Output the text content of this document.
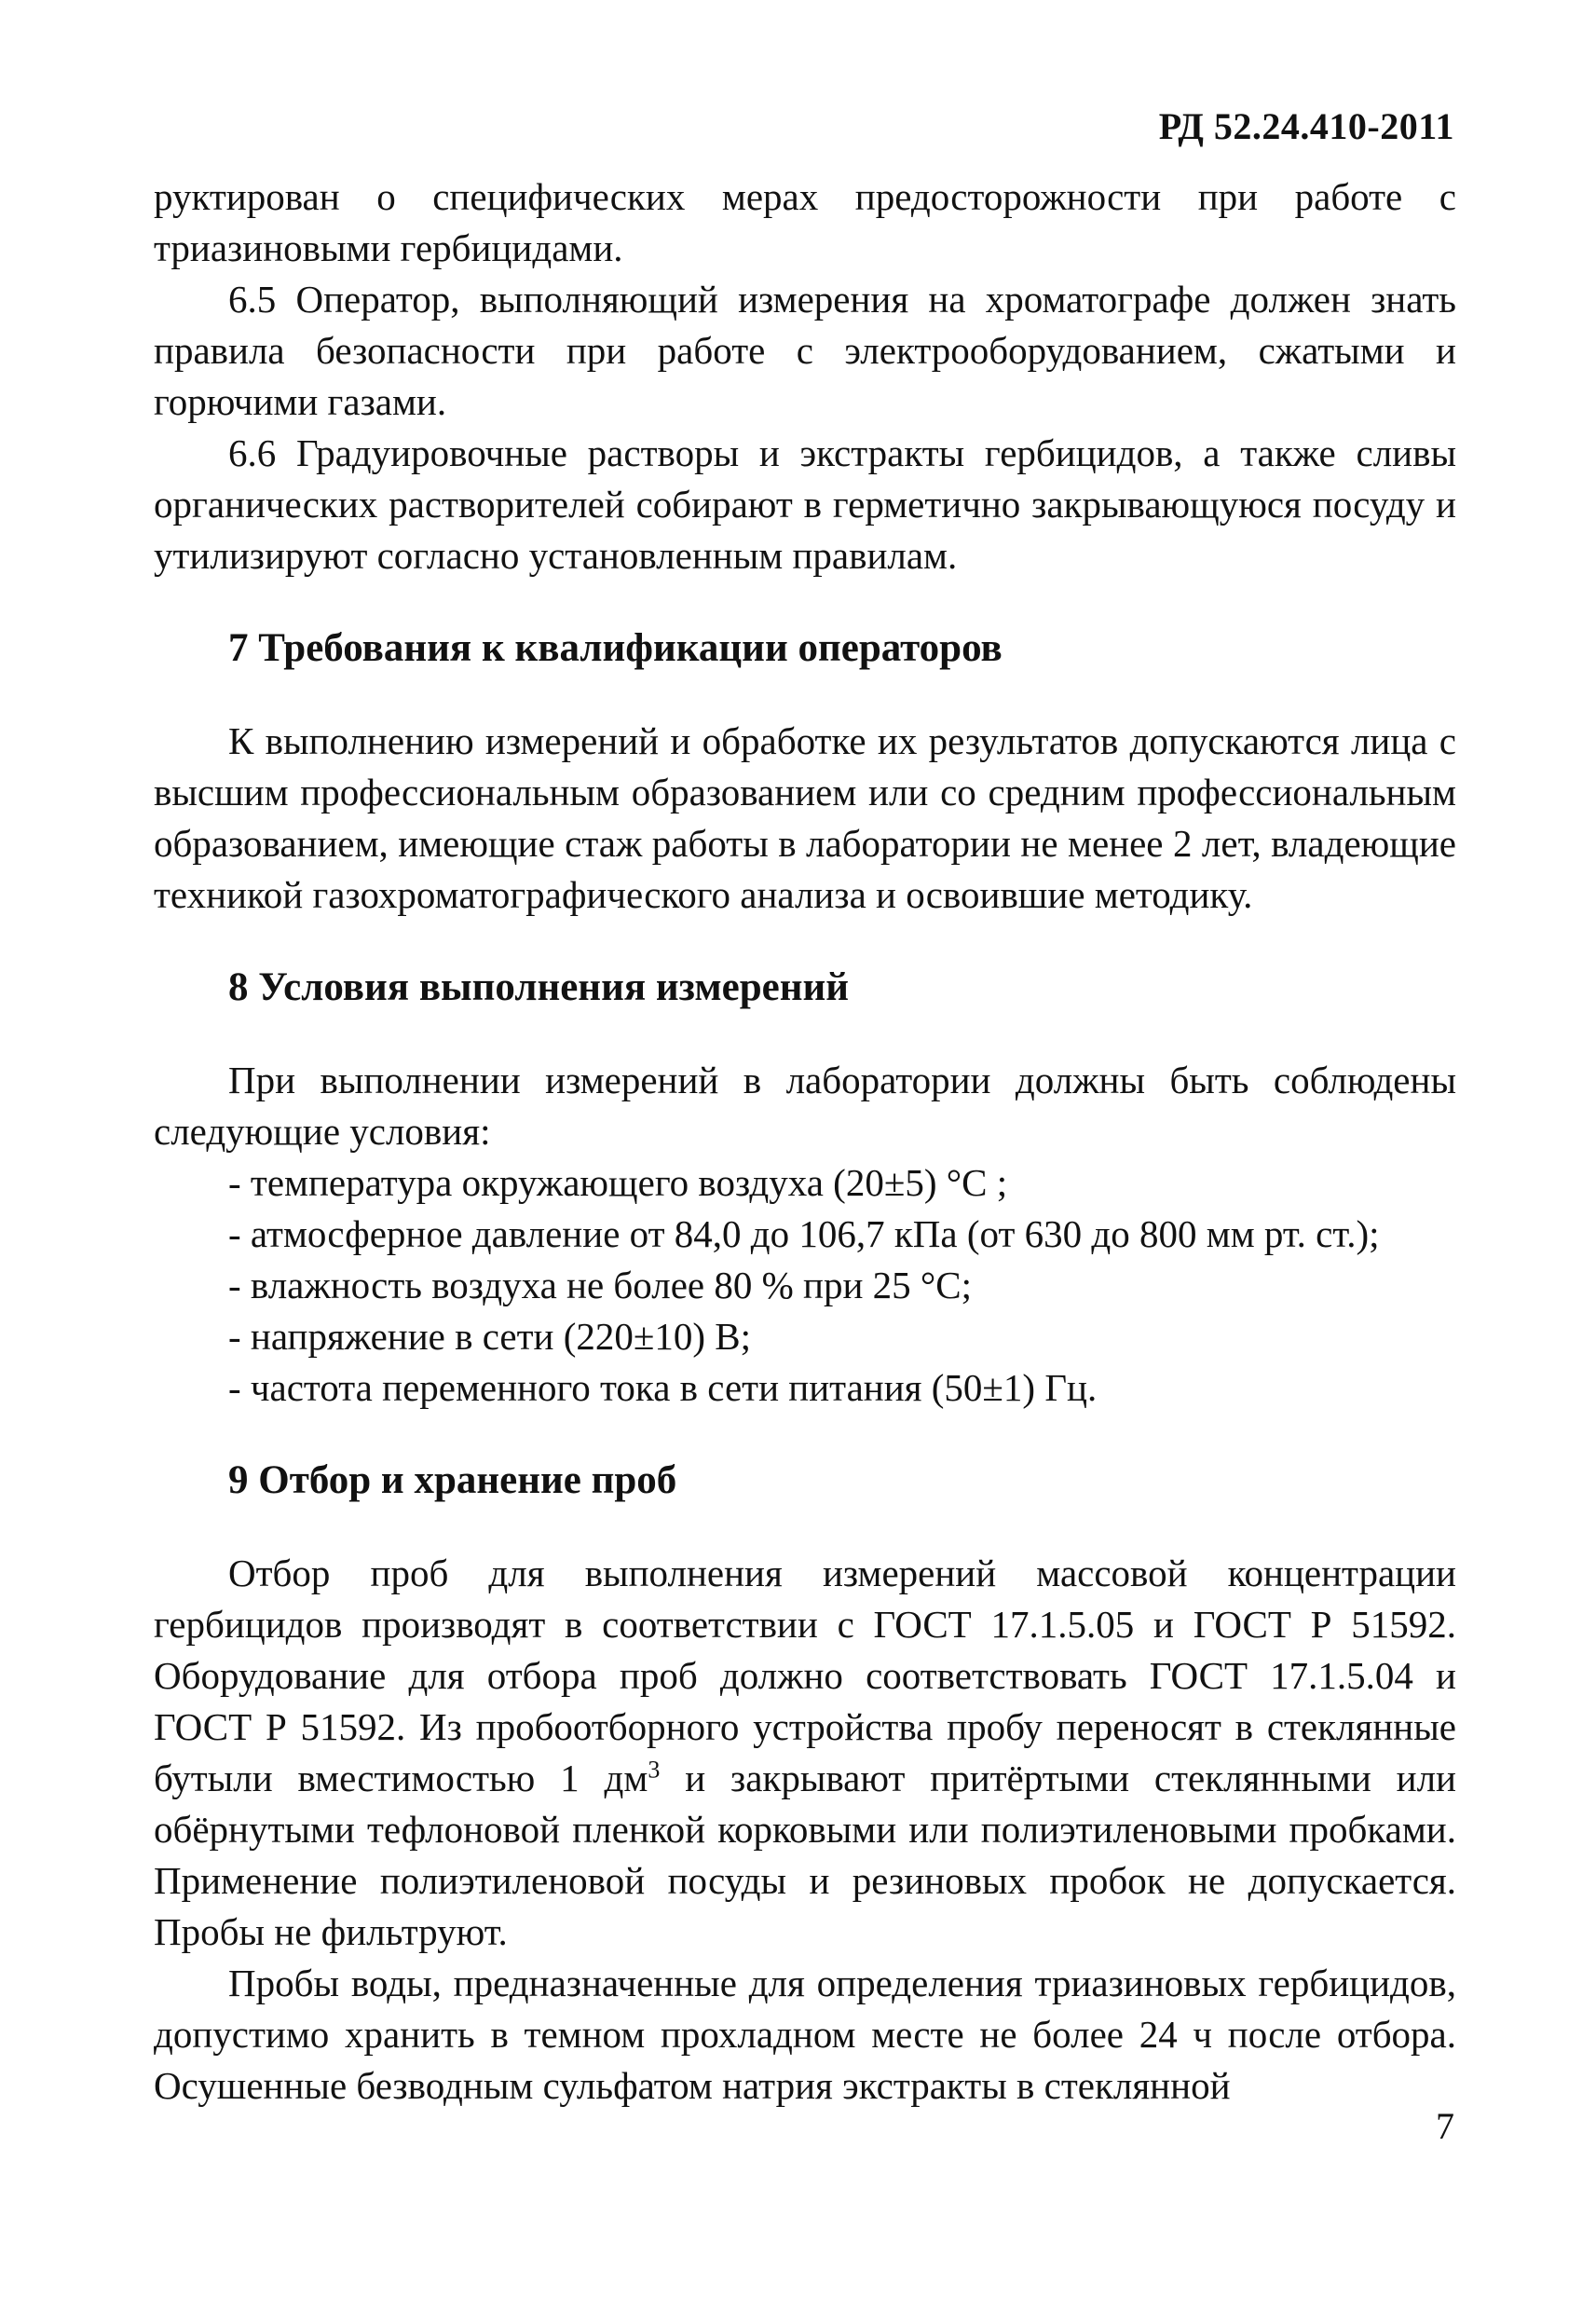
РД 52.24.410-2011

руктирован о специфических мерах предосторожности при работе с триазиновыми гербицидами.

6.5 Оператор, выполняющий измерения на хроматографе должен знать правила безопасности при работе с электрооборудованием, сжатыми и горючими газами.

6.6 Градуировочные растворы и экстракты гербицидов, а также сливы органических растворителей собирают в герметично закрывающуюся посуду и утилизируют согласно установленным правилам.

7 Требования к квалификации операторов

К выполнению измерений и обработке их результатов допускаются лица с высшим профессиональным образованием или со средним профессиональным образованием, имеющие стаж работы в лаборатории не менее 2 лет, владеющие техникой газохроматографического анализа и освоившие методику.

8 Условия выполнения измерений

При выполнении измерений в лаборатории должны быть соблюдены следующие условия:

- температура окружающего воздуха (20±5) °С ;

- атмосферное давление от 84,0 до 106,7 кПа (от 630 до 800 мм рт. ст.);

- влажность воздуха не более 80 % при 25 °С;

- напряжение в сети (220±10) В;

- частота переменного тока в сети питания (50±1) Гц.

9 Отбор и хранение проб

Отбор проб для выполнения измерений массовой концентрации гербицидов производят в соответствии с ГОСТ 17.1.5.05 и ГОСТ Р 51592. Оборудование для отбора проб должно соответствовать ГОСТ 17.1.5.04 и ГОСТ Р 51592. Из пробоотборного устройства пробу переносят в стеклянные бутыли вместимостью 1 $дм^3$ и закрывают притёртыми стеклянными или обёрнутыми тефлоновой пленкой корковыми или полиэтиленовыми пробками. Применение полиэтиленовой посуды и резиновых пробок не допускается. Пробы не фильтруют.

Пробы воды, предназначенные для определения триазиновых гербицидов, допустимо хранить в темном прохладном месте не более 24 ч после отбора. Осушенные безводным сульфатом натрия экстракты в стеклянной

7
